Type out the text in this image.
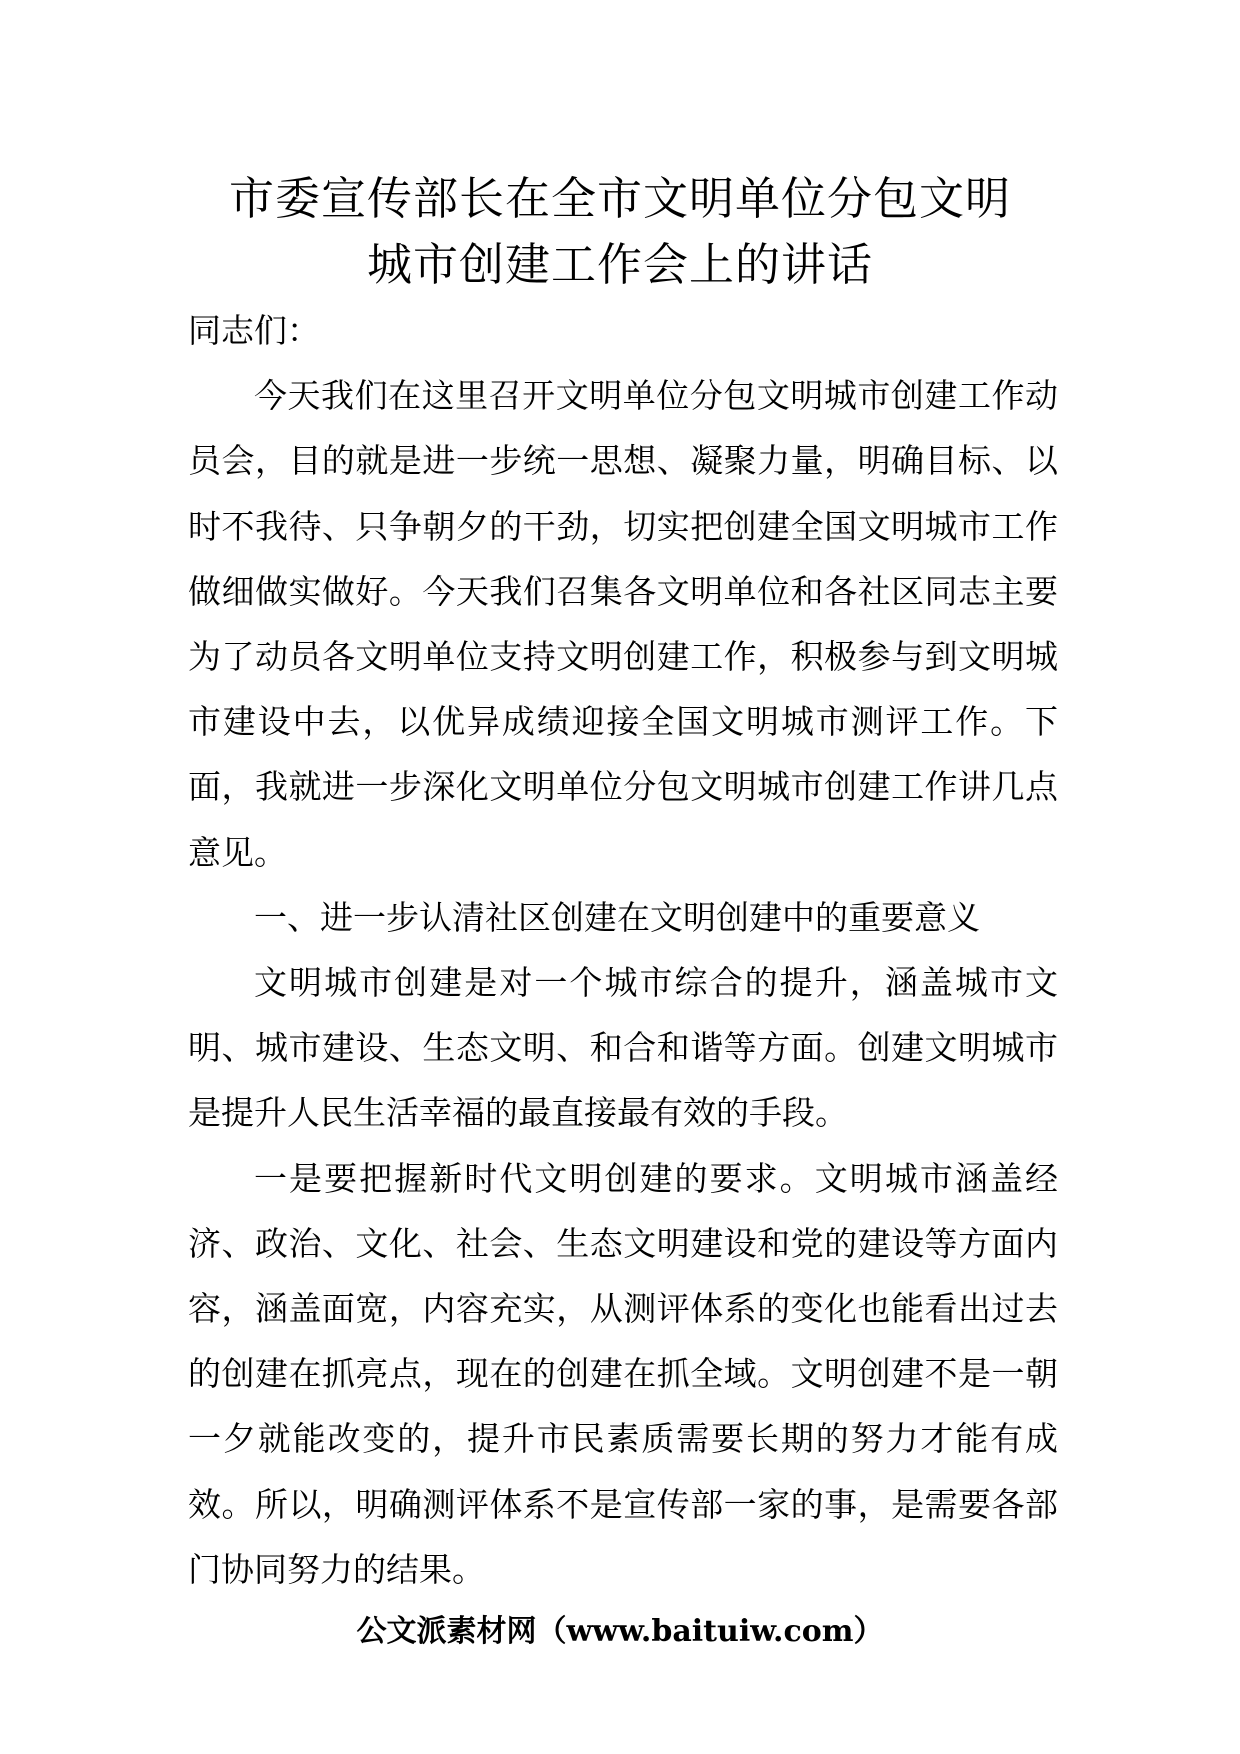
市委宣传部长在全市文明单位分包文明

城市创建工作会上的讲话

同志们：

今天我们在这里召开文明单位分包文明城市创建工作动员会，目的就是进一步统一思想、凝聚力量，明确目标、以时不我待、只争朝夕的干劲，切实把创建全国文明城市工作做细做实做好。今天我们召集各文明单位和各社区同志主要为了动员各文明单位支持文明创建工作，积极参与到文明城市建设中去，以优异成绩迎接全国文明城市测评工作。下面，我就进一步深化文明单位分包文明城市创建工作讲几点意见。

一、进一步认清社区创建在文明创建中的重要意义

文明城市创建是对一个城市综合的提升，涵盖城市文明、城市建设、生态文明、和合和谐等方面。创建文明城市是提升人民生活幸福的最直接最有效的手段。

一是要把握新时代文明创建的要求。文明城市涵盖经济、政治、文化、社会、生态文明建设和党的建设等方面内容，涵盖面宽，内容充实，从测评体系的变化也能看出过去的创建在抓亮点，现在的创建在抓全域。文明创建不是一朝一夕就能改变的，提升市民素质需要长期的努力才能有成效。所以，明确测评体系不是宣传部一家的事，是需要各部门协同努力的结果。

公文派素材网（www.baituiw.com）
